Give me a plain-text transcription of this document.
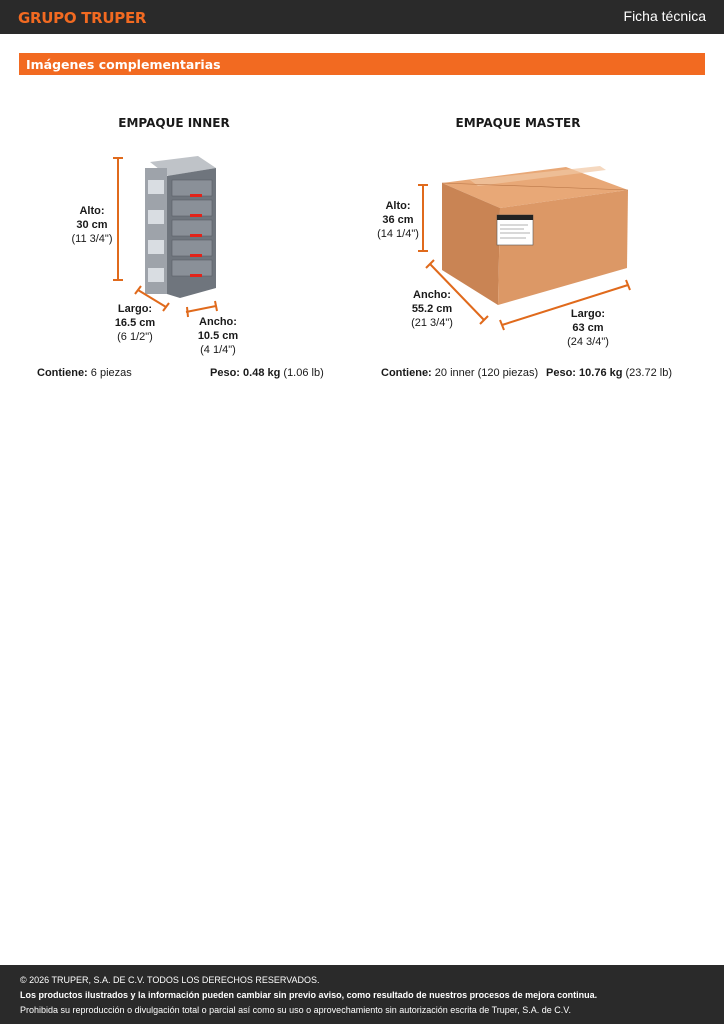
GRUPO TRUPER	Ficha técnica
Imágenes complementarias
EMPAQUE INNER	EMPAQUE MASTER
Alto:
30 cm
(11 3/4")
Largo:
16.5 cm
(6 1/2")
Ancho:
10.5 cm
(4 1/4")
Alto:
36 cm
(14 1/4")
Ancho:
55.2 cm
(21 3/4")
Largo:
63 cm
(24 3/4")
Contiene: 6 piezas	Peso: 0.48 kg (1.06 lb)	Contiene: 20 inner (120 piezas) Peso: 10.76 kg (23.72 lb)
© 2026 TRUPER, S.A. DE C.V. TODOS LOS DERECHOS RESERVADOS.
Los productos ilustrados y la información pueden cambiar sin previo aviso, como resultado de nuestros procesos de mejora continua.
Prohibida su reproducción o divulgación total o parcial así como su uso o aprovechamiento sin autorización escrita de Truper, S.A. de C.V.
